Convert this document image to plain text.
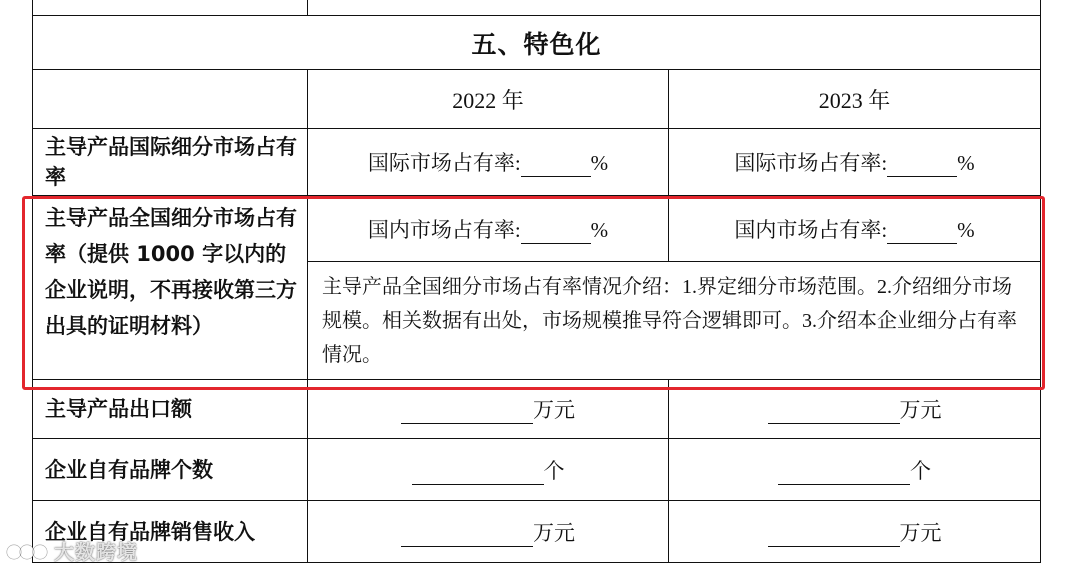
五、特色化		
	2022 年	2023 年
主导产品国际细分市场占有率	国际市场占有率: %	国际市场占有率: %
主导产品全国细分市场占有率（提供 1000 字以内的企业说明，不再接收第三方出具的证明材料）	国内市场占有率: %	国内市场占有率: %
	主导产品全国细分市场占有率情况介绍：1.界定细分市场范围。2.介绍细分市场规模。相关数据有出处，市场规模推导符合逻辑即可。3.介绍本企业细分占有率情况。	
主导产品出口额	万元	万元
企业自有品牌个数	个	个
企业自有品牌销售收入	万元	万元
大数跨境
